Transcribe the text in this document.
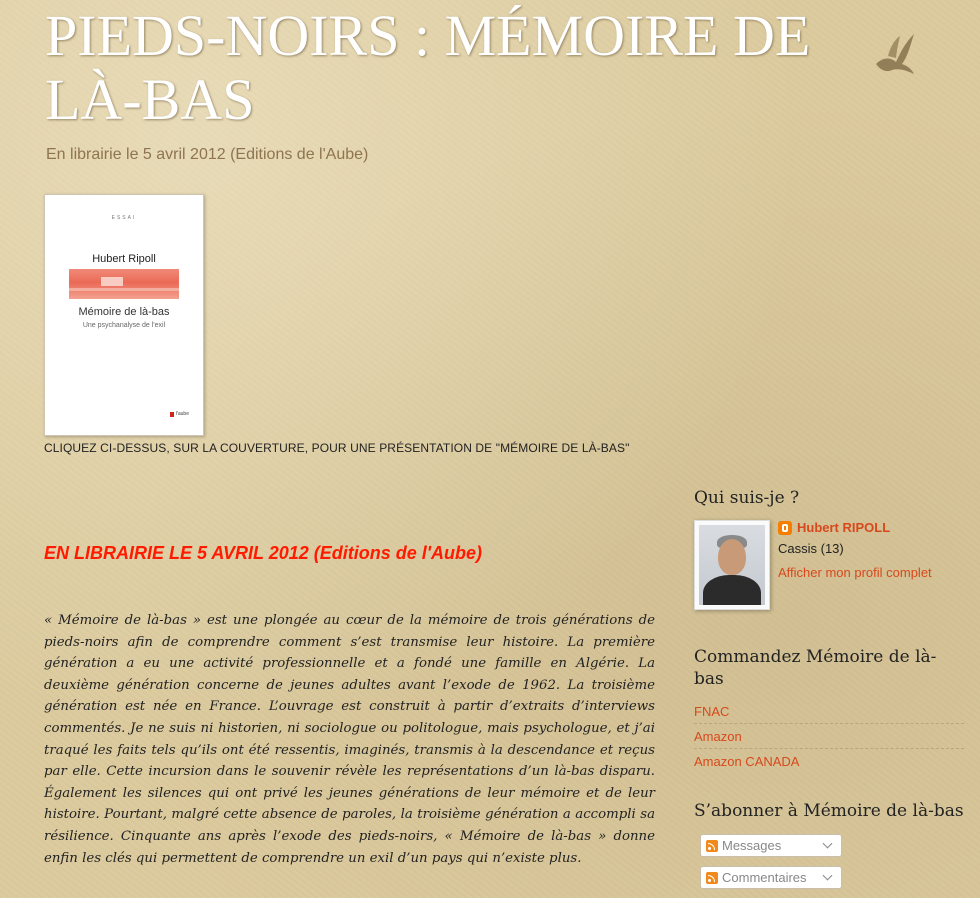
PIEDS-NOIRS : MÉMOIRE DE LÀ-BAS
En librairie le 5 avril 2012 (Editions de l'Aube)
ESSAI
Hubert Ripoll
Mémoire de là-bas
Une psychanalyse de l'exil
l'aube
CLIQUEZ CI-DESSUS, SUR LA COUVERTURE, POUR UNE PRÉSENTATION DE "MÉMOIRE DE LÀ-BAS"
EN LIBRAIRIE LE 5 AVRIL 2012 (Editions de l'Aube)

« Mémoire de là-bas » est une plongée au cœur de la mémoire de trois générations de pieds-noirs afin de comprendre comment s’est transmise leur histoire. La première génération a eu une activité professionnelle et a fondé une famille en Algérie. La deuxième génération concerne de jeunes adultes avant l’exode de 1962. La troisième génération est née en France. L’ouvrage est construit à partir d’extraits d’interviews commentés. Je ne suis ni historien, ni sociologue ou politologue, mais psychologue, et j’ai traqué les faits tels qu’ils ont été ressentis, imaginés, transmis à la descendance et reçus par elle. Cette incursion dans le souvenir révèle les représentations d’un là-bas disparu. Également les silences qui ont privé les jeunes générations de leur mémoire et de leur histoire. Pourtant, malgré cette absence de paroles, la troisième génération a accompli sa résilience. Cinquante ans après l’exode des pieds-noirs, « Mémoire de là-bas » donne enfin les clés qui permettent de comprendre un exil d’un pays qui n’existe plus.

Qui suis-je ?
Hubert RIPOLL
Cassis (13)
Afficher mon profil complet
Commandez Mémoire de là-bas
FNAC
Amazon
Amazon CANADA
S’abonner à Mémoire de là-bas
Messages
Commentaires
